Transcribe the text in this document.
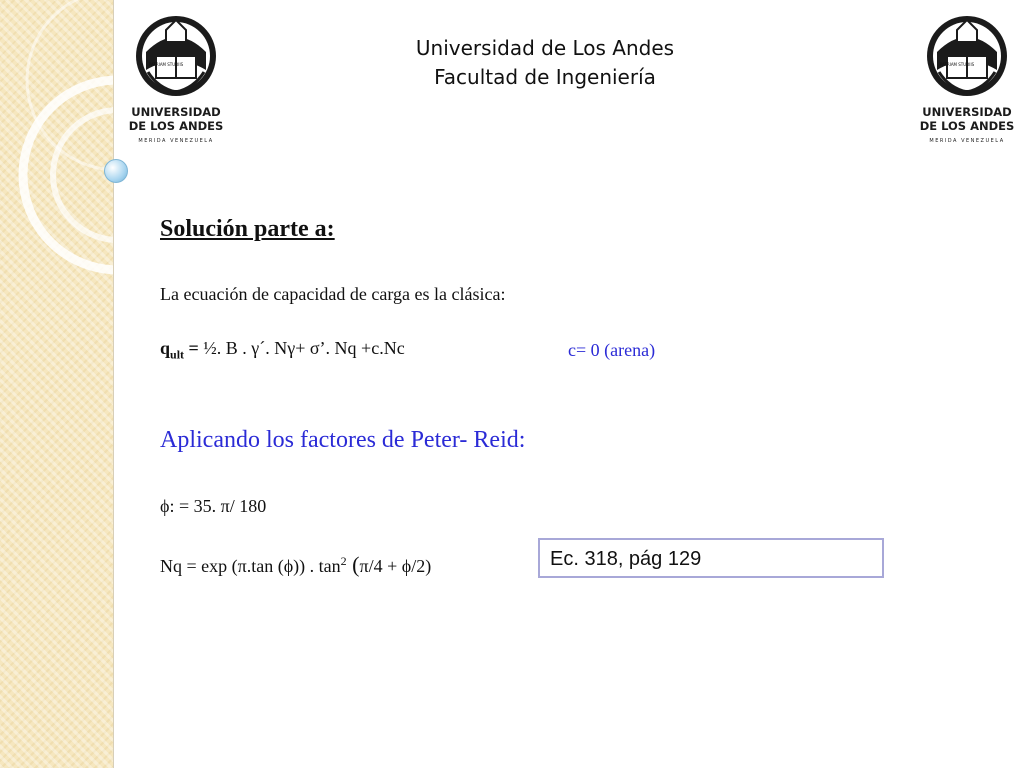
PATRIAM STUDIIS
UNIVERSIDAD
DE LOS ANDES
MERIDA VENEZUELA
PATRIAM STUDIIS
UNIVERSIDAD
DE LOS ANDES
MERIDA VENEZUELA
Universidad de Los Andes
Facultad de Ingeniería
Solución parte a:
La ecuación de capacidad de carga es la clásica:
$q_{ult}$ = ½. B . γ´. Nγ+ σ’. Nq +c.Nc	c= 0 (arena)
Aplicando los factores de Peter- Reid:
ϕ: = 35. π/ 180
Nq = exp (π.tan (ϕ)) . $\tan^2 (\pi/4 + \phi/2)$	Ec. 318, pág 129
